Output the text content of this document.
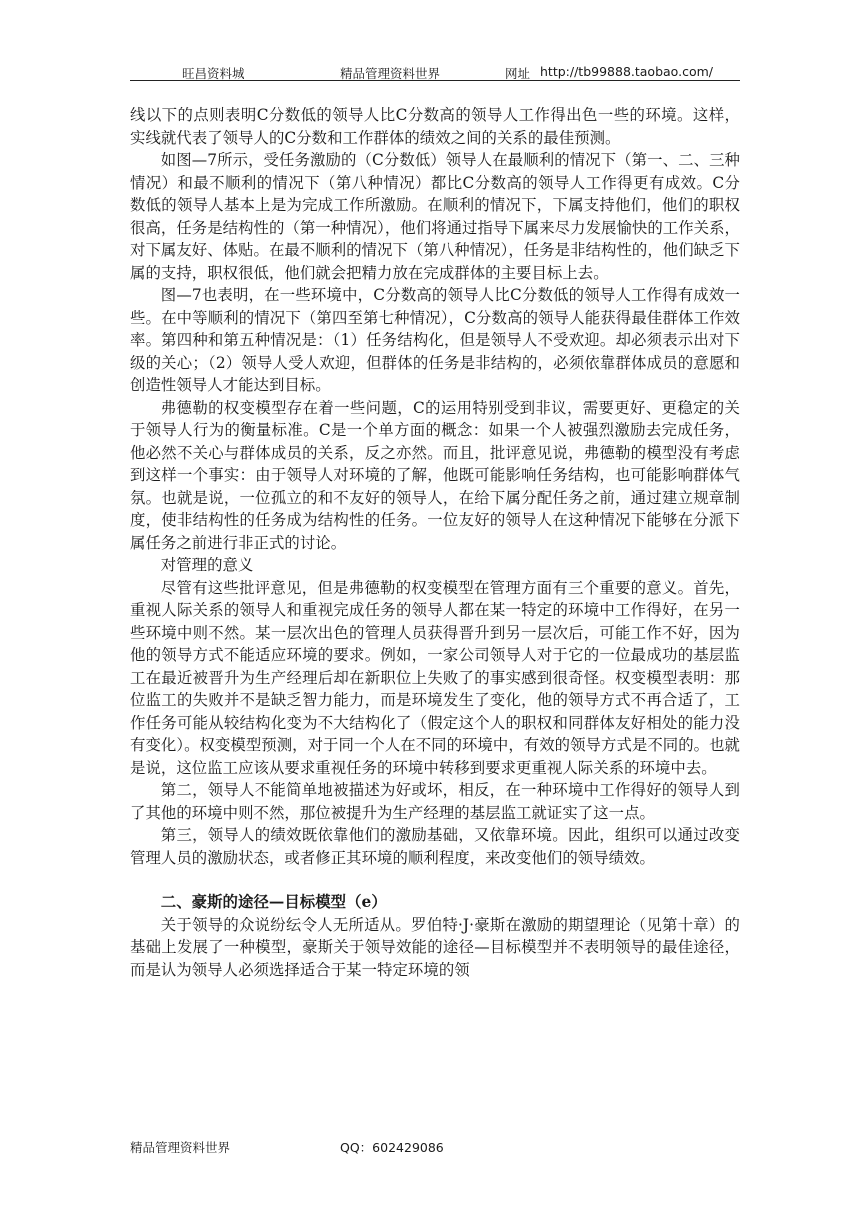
旺昌资料城	精品管理资料世界	网址 http://tb99888.taobao.com/

线以下的点则表明C分数低的领导人比C分数高的领导人工作得出色一些的环境。这样，实线就代表了领导人的C分数和工作群体的绩效之间的关系的最佳预测。

如图—7所示，受任务激励的（C分数低）领导人在最顺利的情况下（第一、二、三种情况）和最不顺利的情况下（第八种情况）都比C分数高的领导人工作得更有成效。C分数低的领导人基本上是为完成工作所激励。在顺利的情况下，下属支持他们，他们的职权很高，任务是结构性的（第一种情况），他们将通过指导下属来尽力发展愉快的工作关系，对下属友好、体贴。在最不顺利的情况下（第八种情况），任务是非结构性的，他们缺乏下属的支持，职权很低，他们就会把精力放在完成群体的主要目标上去。

图—7也表明，在一些环境中，C分数高的领导人比C分数低的领导人工作得有成效一些。在中等顺利的情况下（第四至第七种情况），C分数高的领导人能获得最佳群体工作效率。第四种和第五种情况是：（1）任务结构化，但是领导人不受欢迎。却必须表示出对下级的关心；（2）领导人受人欢迎，但群体的任务是非结构的，必须依靠群体成员的意愿和创造性领导人才能达到目标。

弗德勒的权变模型存在着一些问题，C的运用特别受到非议，需要更好、更稳定的关于领导人行为的衡量标准。C是一个单方面的概念：如果一个人被强烈激励去完成任务，他必然不关心与群体成员的关系，反之亦然。而且，批评意见说，弗德勒的模型没有考虑到这样一个事实：由于领导人对环境的了解，他既可能影响任务结构，也可能影响群体气氛。也就是说，一位孤立的和不友好的领导人，在给下属分配任务之前，通过建立规章制度，使非结构性的任务成为结构性的任务。一位友好的领导人在这种情况下能够在分派下属任务之前进行非正式的讨论。

对管理的意义

尽管有这些批评意见，但是弗德勒的权变模型在管理方面有三个重要的意义。首先，重视人际关系的领导人和重视完成任务的领导人都在某一特定的环境中工作得好，在另一些环境中则不然。某一层次出色的管理人员获得晋升到另一层次后，可能工作不好，因为他的领导方式不能适应环境的要求。例如，一家公司领导人对于它的一位最成功的基层监工在最近被晋升为生产经理后却在新职位上失败了的事实感到很奇怪。权变模型表明：那位监工的失败并不是缺乏智力能力，而是环境发生了变化，他的领导方式不再合适了，工作任务可能从较结构化变为不大结构化了（假定这个人的职权和同群体友好相处的能力没有变化）。权变模型预测，对于同一个人在不同的环境中，有效的领导方式是不同的。也就是说，这位监工应该从要求重视任务的环境中转移到要求更重视人际关系的环境中去。

第二，领导人不能简单地被描述为好或坏，相反，在一种环境中工作得好的领导人到了其他的环境中则不然，那位被提升为生产经理的基层监工就证实了这一点。

第三，领导人的绩效既依靠他们的激励基础，又依靠环境。因此，组织可以通过改变管理人员的激励状态，或者修正其环境的顺利程度，来改变他们的领导绩效。

二、豪斯的途径—目标模型（e）

关于领导的众说纷纭令人无所适从。罗伯特·J·豪斯在激励的期望理论（见第十章）的基础上发展了一种模型，豪斯关于领导效能的途径—目标模型并不表明领导的最佳途径，而是认为领导人必须选择适合于某一特定环境的领

精品管理资料世界	QQ：602429086
